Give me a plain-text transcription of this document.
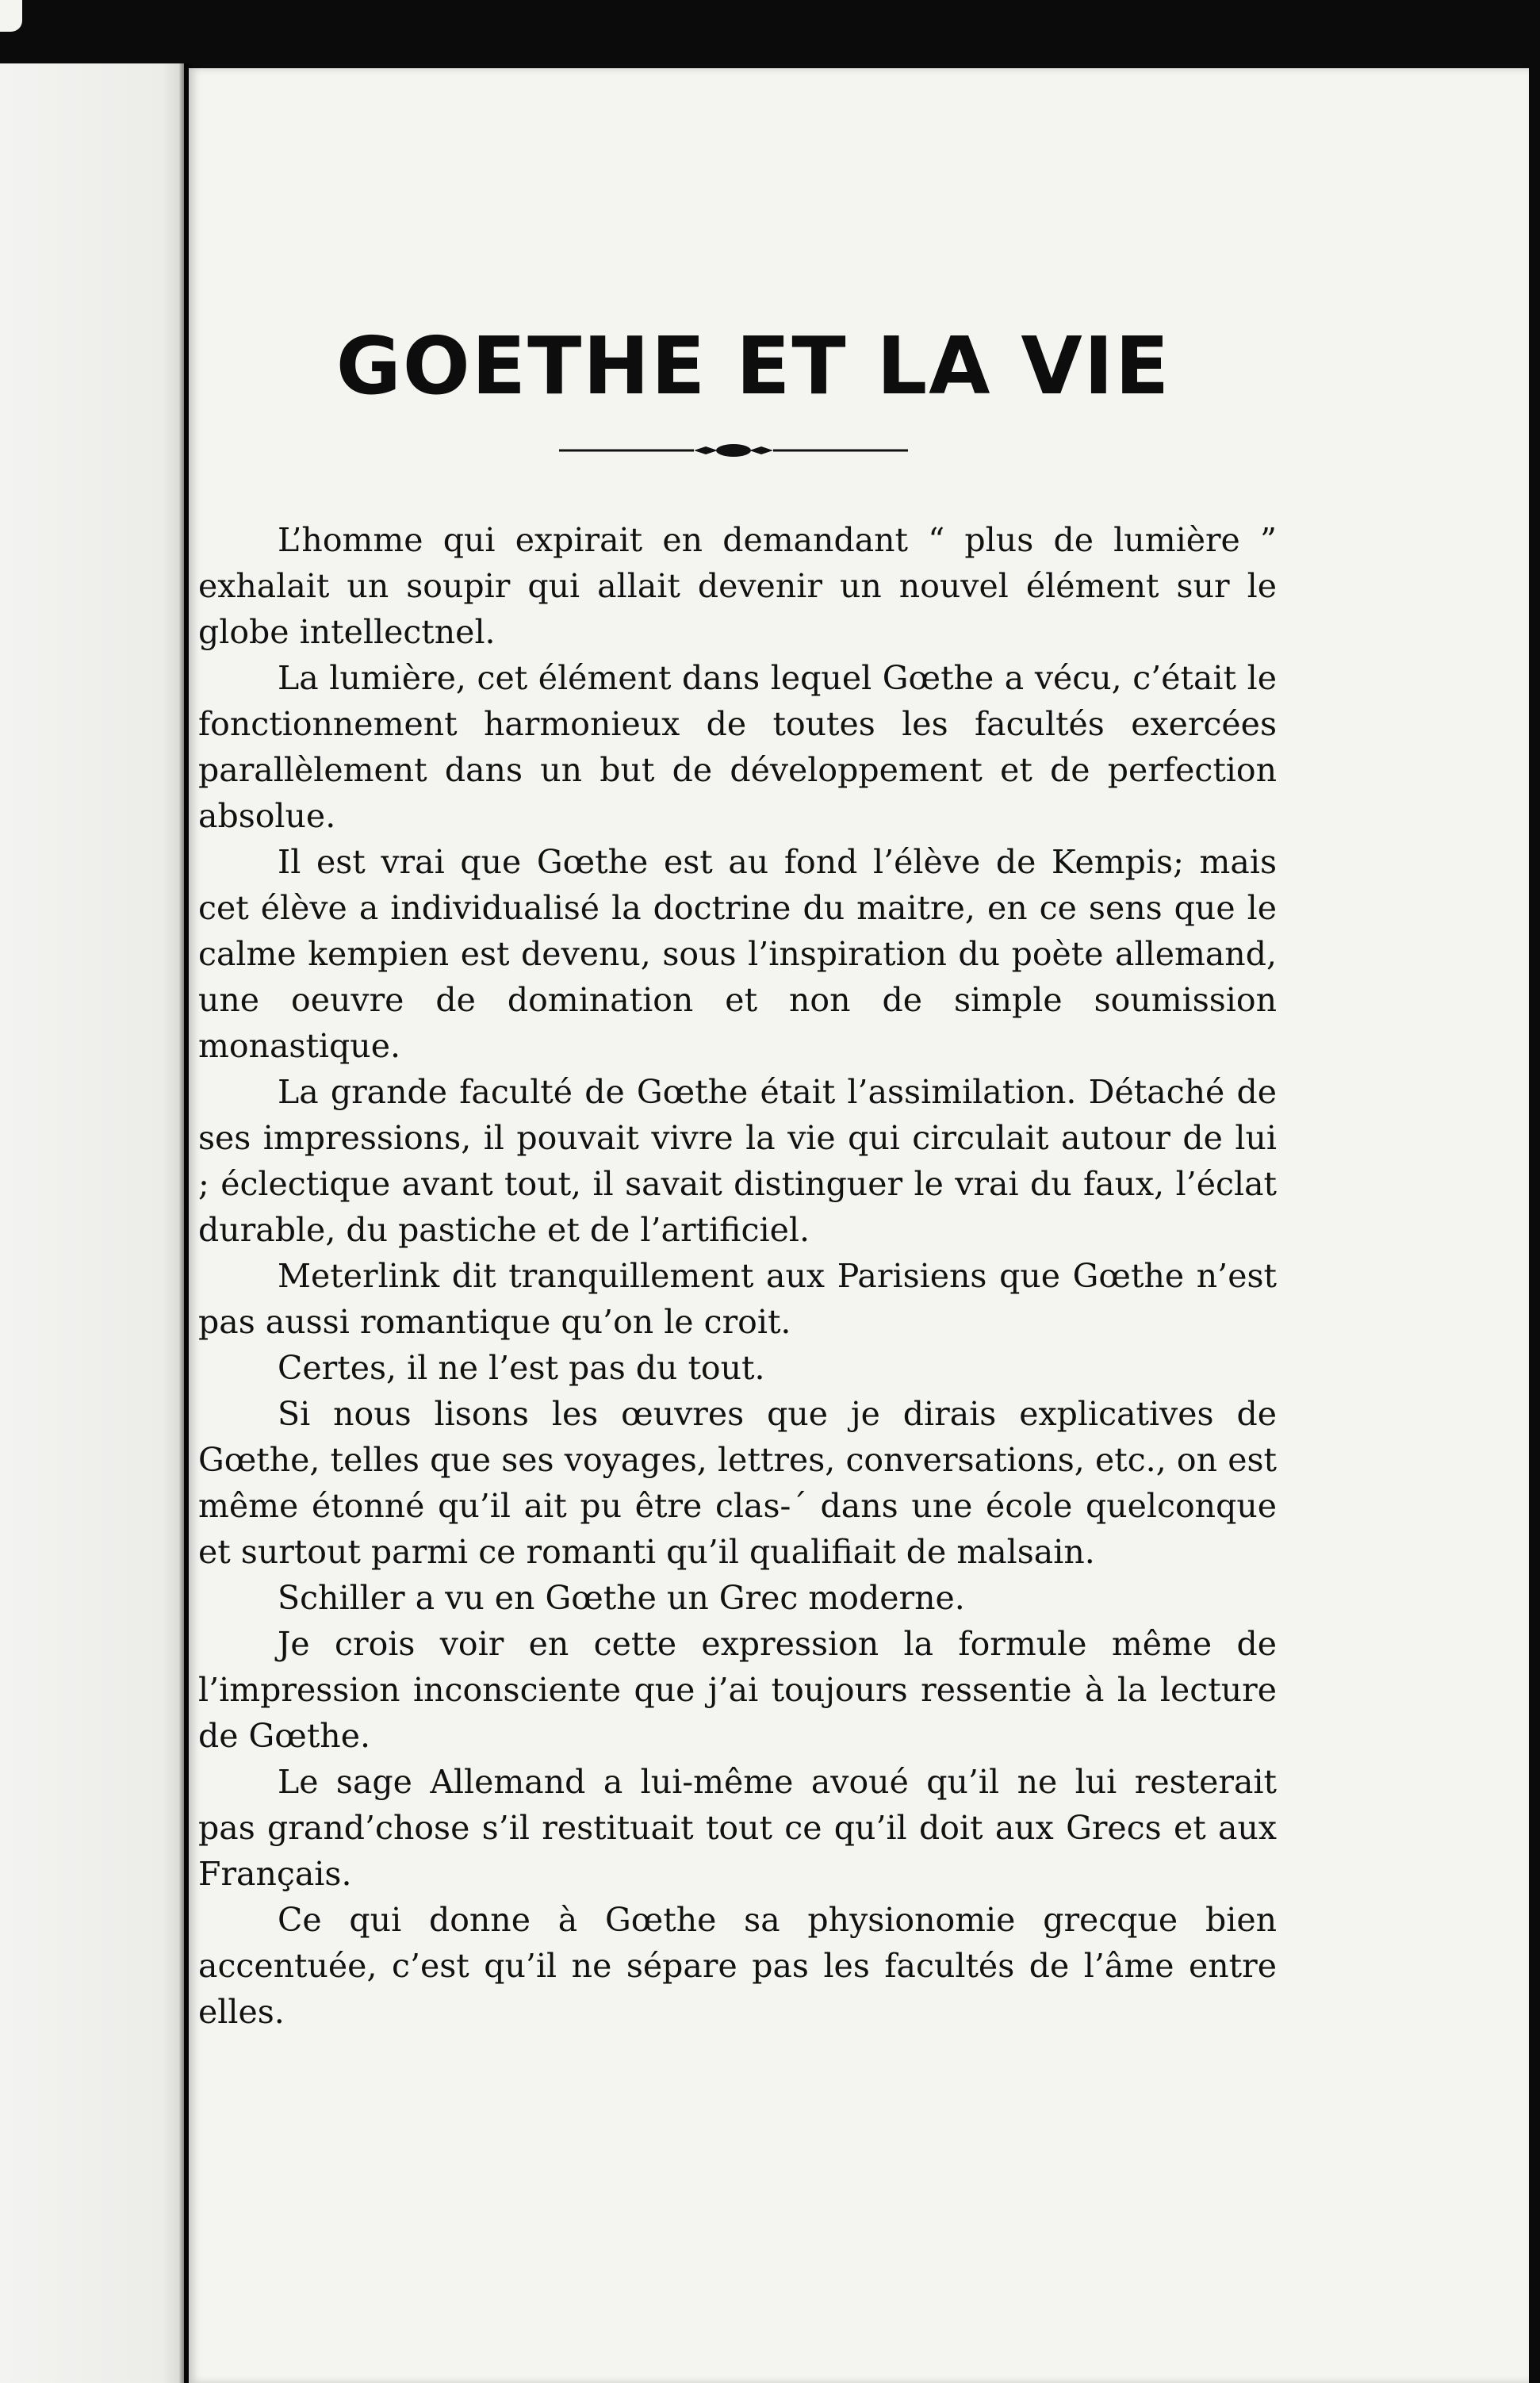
GOETHE ET LA VIE

L’homme qui expirait en demandant “ plus de lumière ” exhalait un soupir qui allait devenir un nouvel élément sur le globe intellectnel.

La lumière, cet élément dans lequel Gœthe a vécu, c’était le fonctionnement harmonieux de toutes les facultés exercées parallèlement dans un but de développement et de perfection absolue.

Il est vrai que Gœthe est au fond l’élève de Kempis; mais cet élève a individualisé la doctrine du maitre, en ce sens que le calme kempien est devenu, sous l’inspiration du poète allemand, une oeuvre de domination et non de simple soumission monastique.

La grande faculté de Gœthe était l’assimilation. Détaché de ses impressions, il pouvait vivre la vie qui circulait autour de lui ; éclectique avant tout, il savait distinguer le vrai du faux, l’éclat durable, du pastiche et de l’artificiel.

Meterlink dit tranquillement aux Parisiens que Gœthe n’est pas aussi romantique qu’on le croit.

Certes, il ne l’est pas du tout.

Si nous lisons les œuvres que je dirais explicatives de Gœthe, telles que ses voyages, lettres, conversations, etc., on est même étonné qu’il ait pu être clas‑´ dans une école quelconque et surtout parmi ce romanti qu’il qualifiait de malsain.

Schiller a vu en Gœthe un Grec moderne.

Je crois voir en cette expression la formule même de l’impression inconsciente que j’ai toujours ressentie à la lecture de Gœthe.

Le sage Allemand a lui-même avoué qu’il ne lui resterait pas grand’chose s’il restituait tout ce qu’il doit aux Grecs et aux Français.

Ce qui donne à Gœthe sa physionomie grecque bien accentuée, c’est qu’il ne sépare pas les facultés de l’âme entre elles.
